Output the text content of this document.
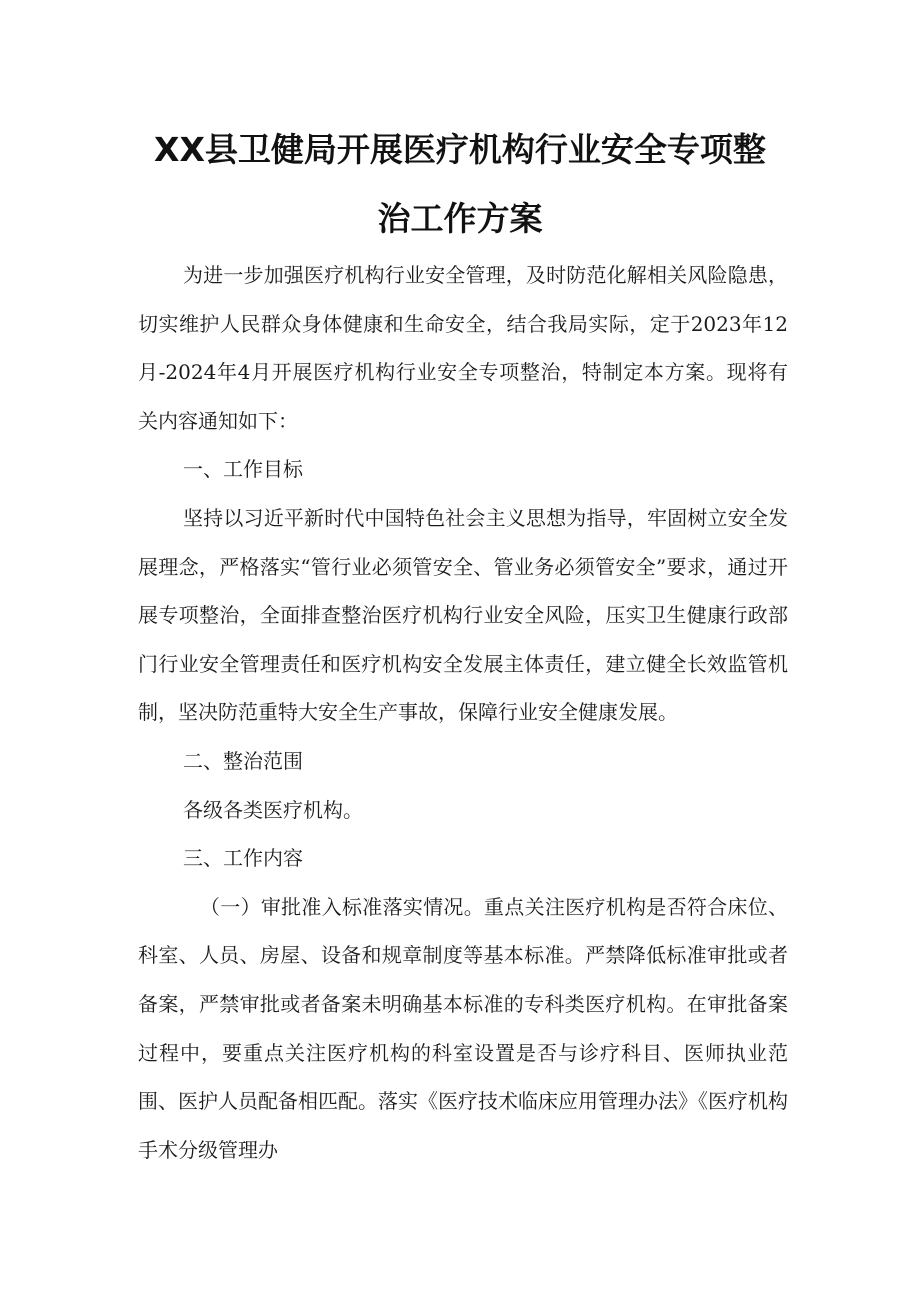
XX县卫健局开展医疗机构行业安全专项整
治工作方案

为进一步加强医疗机构行业安全管理，及时防范化解相关风险隐患，切实维护人民群众身体健康和生命安全，结合我局实际，定于2023年12月-2024年4月开展医疗机构行业安全专项整治，特制定本方案。现将有关内容通知如下：

一、工作目标

坚持以习近平新时代中国特色社会主义思想为指导，牢固树立安全发展理念，严格落实“管行业必须管安全、管业务必须管安全”要求，通过开展专项整治，全面排查整治医疗机构行业安全风险，压实卫生健康行政部门行业安全管理责任和医疗机构安全发展主体责任，建立健全长效监管机制，坚决防范重特大安全生产事故，保障行业安全健康发展。

二、整治范围

各级各类医疗机构。

三、工作内容

（一）审批准入标准落实情况。重点关注医疗机构是否符合床位、科室、人员、房屋、设备和规章制度等基本标准。严禁降低标准审批或者备案，严禁审批或者备案未明确基本标准的专科类医疗机构。在审批备案过程中，要重点关注医疗机构的科室设置是否与诊疗科目、医师执业范围、医护人员配备相匹配。落实《医疗技术临床应用管理办法》《医疗机构手术分级管理办
